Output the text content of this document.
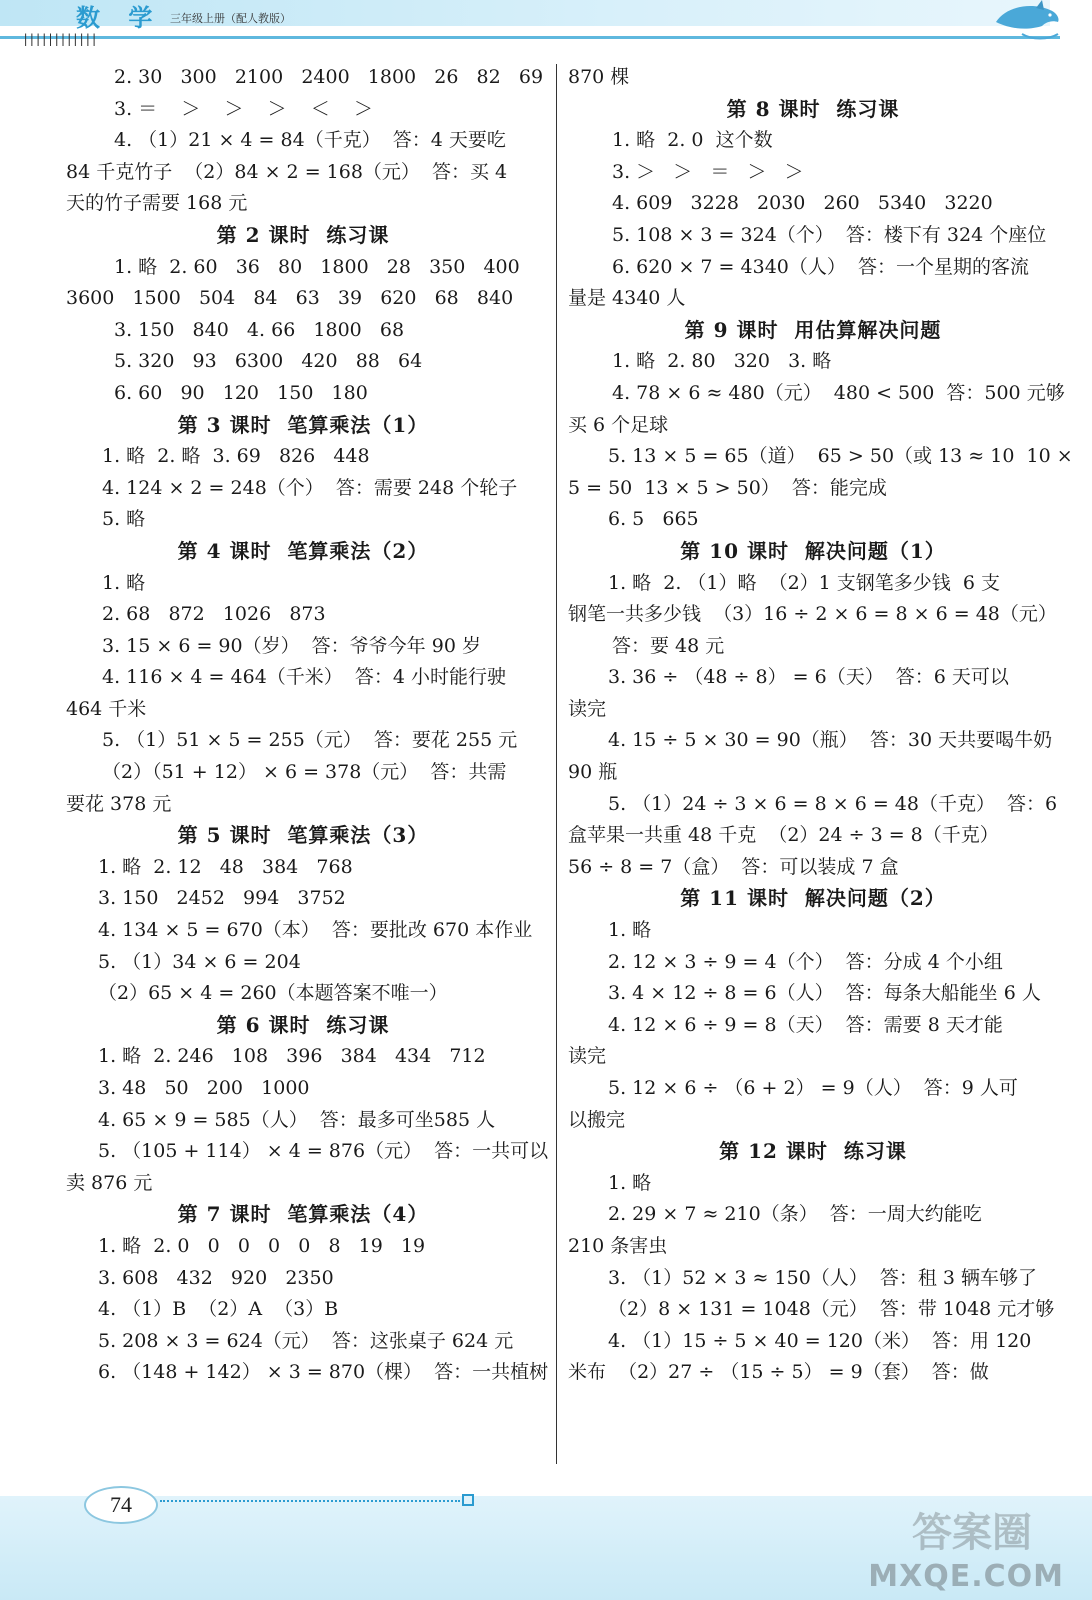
||||||||||||
数 学 三年级上册（配人教版）
2. 30   300   2100   2400   1800   26   82   69
3. ＝    ＞    ＞    ＞    ＜    ＞
4. （1）21 × 4 = 84（千克）  答：4 天要吃
84 千克竹子  （2）84 × 2 = 168（元）  答：买 4
天的竹子需要 168 元
第 2 课时  练习课
1. 略  2. 60   36   80   1800   28   350   400
3600   1500   504   84   63   39   620   68   840
3. 150   840   4. 66   1800   68
5. 320   93   6300   420   88   64
6. 60   90   120   150   180
第 3 课时  笔算乘法（1）
1. 略  2. 略  3. 69   826   448
4. 124 × 2 = 248（个）  答：需要 248 个轮子
5. 略
第 4 课时  笔算乘法（2）
1. 略
2. 68   872   1026   873
3. 15 × 6 = 90（岁）  答：爷爷今年 90 岁
4. 116 × 4 = 464（千米）  答：4 小时能行驶
464 千米
5. （1）51 × 5 = 255（元）  答：要花 255 元
（2）（51 + 12） × 6 = 378（元）  答：共需
要花 378 元
第 5 课时  笔算乘法（3）
1. 略  2. 12   48   384   768
3. 150   2452   994   3752
4. 134 × 5 = 670（本）  答：要批改 670 本作业
5. （1）34 × 6 = 204
（2）65 × 4 = 260（本题答案不唯一）
第 6 课时  练习课
1. 略  2. 246   108   396   384   434   712
3. 48   50   200   1000
4. 65 × 9 = 585（人）  答：最多可坐585 人
5. （105 + 114） × 4 = 876（元）  答：一共可以
卖 876 元
第 7 课时  笔算乘法（4）
1. 略  2. 0   0   0   0   0   8   19   19
3. 608   432   920   2350
4. （1）B  （2）A  （3）B
5. 208 × 3 = 624（元）  答：这张桌子 624 元
6. （148 + 142） × 3 = 870（棵）  答：一共植树
870 棵
第 8 课时  练习课
1. 略  2. 0  这个数
3. ＞   ＞   ＝   ＞   ＞
4. 609   3228   2030   260   5340   3220
5. 108 × 3 = 324（个）  答：楼下有 324 个座位
6. 620 × 7 = 4340（人）  答：一个星期的客流
量是 4340 人
第 9 课时  用估算解决问题
1. 略  2. 80   320   3. 略
4. 78 × 6 ≈ 480（元）  480 < 500  答：500 元够
买 6 个足球
5. 13 × 5 = 65（道）  65 > 50（或 13 ≈ 10  10 ×
5 = 50  13 × 5 > 50）  答：能完成
6. 5   665
第 10 课时  解决问题（1）
1. 略  2. （1）略  （2）1 支钢笔多少钱  6 支
钢笔一共多少钱  （3）16 ÷ 2 × 6 = 8 × 6 = 48（元）
答：要 48 元
3. 36 ÷ （48 ÷ 8） = 6（天）  答：6 天可以
读完
4. 15 ÷ 5 × 30 = 90（瓶）  答：30 天共要喝牛奶
90 瓶
5. （1）24 ÷ 3 × 6 = 8 × 6 = 48（千克）  答：6
盒苹果一共重 48 千克  （2）24 ÷ 3 = 8（千克）
56 ÷ 8 = 7（盒）  答：可以装成 7 盒
第 11 课时  解决问题（2）
1. 略
2. 12 × 3 ÷ 9 = 4（个）  答：分成 4 个小组
3. 4 × 12 ÷ 8 = 6（人）  答：每条大船能坐 6 人
4. 12 × 6 ÷ 9 = 8（天）  答：需要 8 天才能
读完
5. 12 × 6 ÷ （6 + 2） = 9（人）  答：9 人可
以搬完
第 12 课时  练习课
1. 略
2. 29 × 7 ≈ 210（条）  答：一周大约能吃
210 条害虫
3. （1）52 × 3 ≈ 150（人）  答：租 3 辆车够了
（2）8 × 131 = 1048（元）  答：带 1048 元才够
4. （1）15 ÷ 5 × 40 = 120（米）  答：用 120
米布  （2）27 ÷ （15 ÷ 5） = 9（套）  答：做
74
答案圈
MXQE.COM
